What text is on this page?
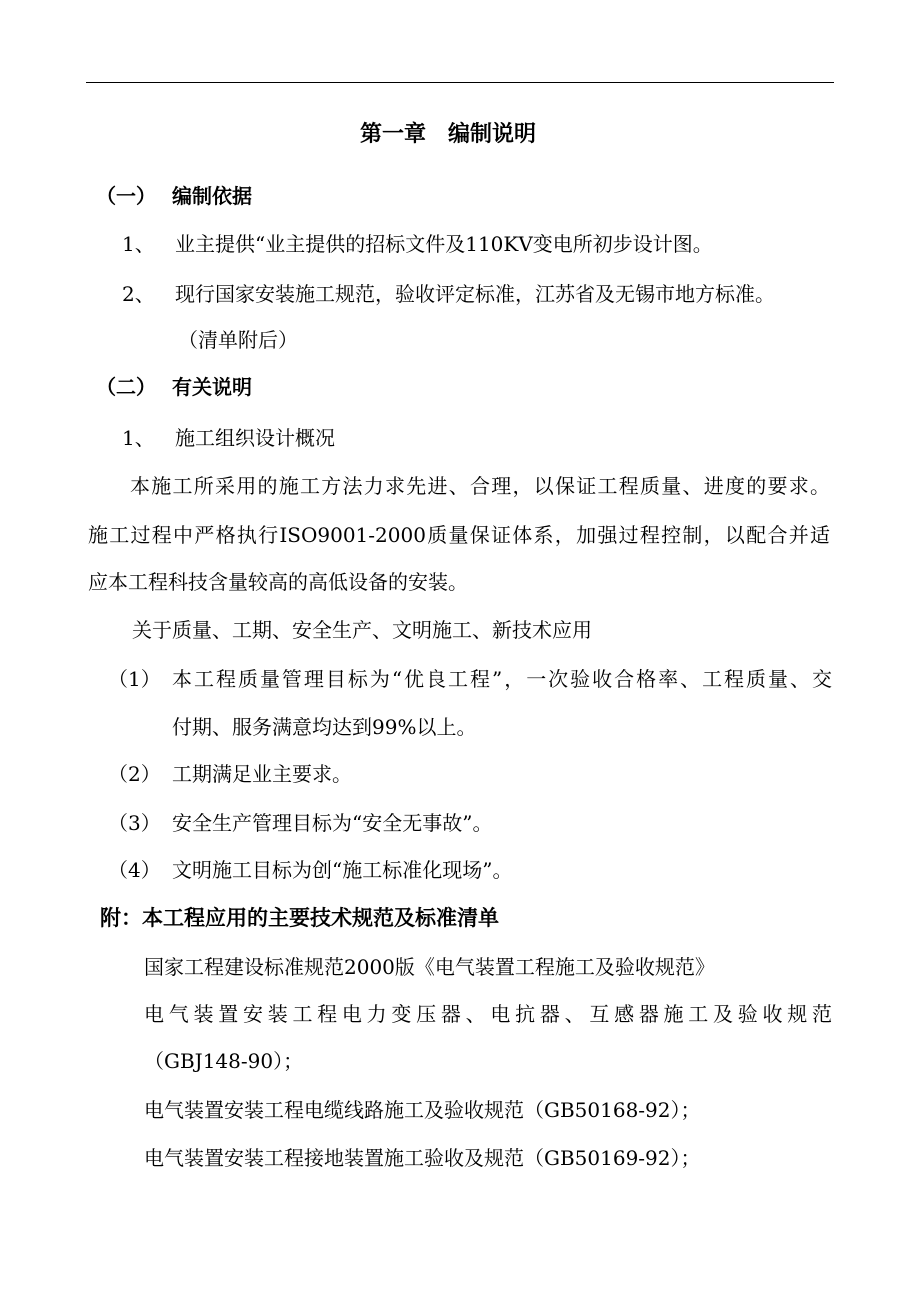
第一章　编制说明
（一） 编制依据
1、 业主提供“业主提供的招标文件及110KV变电所初步设计图。
2、 现行国家安装施工规范，验收评定标准，江苏省及无锡市地方标准。
（清单附后）
（二） 有关说明
1、 施工组织设计概况
本施工所采用的施工方法力求先进、合理，以保证工程质量、进度的要求。
施工过程中严格执行ISO9001-2000质量保证体系，加强过程控制，以配合并适
应本工程科技含量较高的高低设备的安装。
关于质量、工期、安全生产、文明施工、新技术应用
（1） 本工程质量管理目标为“优良工程”，一次验收合格率、工程质量、交
付期、服务满意均达到99%以上。
（2） 工期满足业主要求。
（3） 安全生产管理目标为“安全无事故”。
（4） 文明施工目标为创“施工标准化现场”。
附：本工程应用的主要技术规范及标准清单
国家工程建设标准规范2000版《电气装置工程施工及验收规范》
电气装置安装工程电力变压器、电抗器、互感器施工及验收规范
（GBJ148-90）；
电气装置安装工程电缆线路施工及验收规范（GB50168-92）；
电气装置安装工程接地装置施工验收及规范（GB50169-92）；
